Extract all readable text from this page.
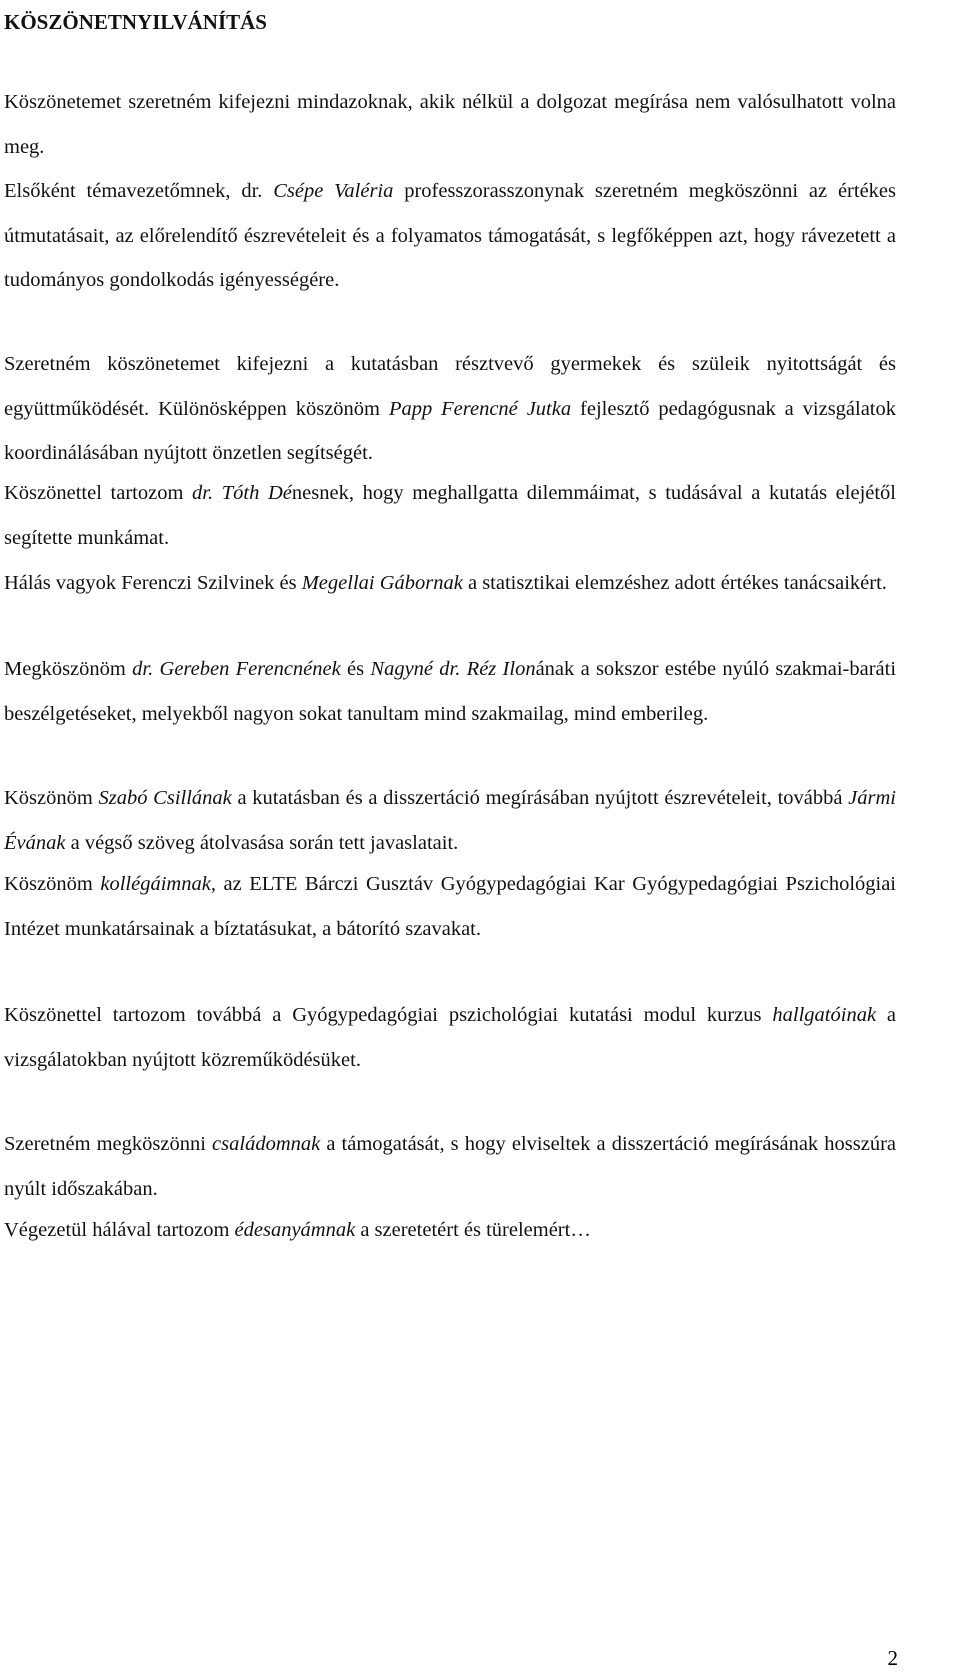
KÖSZÖNETNYILVÁNÍTÁS
Köszönetemet szeretném kifejezni mindazoknak, akik nélkül a dolgozat megírása nem valósulhatott volna meg.
Elsőként témavezetőmnek, dr. Csépe Valéria professzorasszonynak szeretném megköszönni az értékes útmutatásait, az előrelendítő észrevételeit és a folyamatos támogatását, s legfőképpen azt, hogy rávezetett a tudományos gondolkodás igényességére.
Szeretném köszönetemet kifejezni a kutatásban résztvevő gyermekek és szüleik nyitottságát és együttműködését. Különösképpen köszönöm Papp Ferencné Jutka fejlesztő pedagógusnak a vizsgálatok koordinálásában nyújtott önzetlen segítségét.
Köszönettel tartozom dr. Tóth Dénesnek, hogy meghallgatta dilemmáimat, s tudásával a kutatás elejétől segítette munkámat.
Hálás vagyok Ferenczi Szilvinek és Megellai Gábornak a statisztikai elemzéshez adott értékes tanácsaikért.
Megköszönöm dr. Gereben Ferencnének és Nagyné dr. Réz Ilonának a sokszor estébe nyúló szakmai-baráti beszélgetéseket, melyekből nagyon sokat tanultam mind szakmailag, mind emberileg.
Köszönöm Szabó Csillának a kutatásban és a disszertáció megírásában nyújtott észrevételeit, továbbá Jármi Évának a végső szöveg átolvasása során tett javaslatait.
Köszönöm kollégáimnak, az ELTE Bárczi Gusztáv Gyógypedagógiai Kar Gyógypedagógiai Pszichológiai Intézet munkatársainak a bíztatásukat, a bátorító szavakat.
Köszönettel tartozom továbbá a Gyógypedagógiai pszichológiai kutatási modul kurzus hallgatóinak a vizsgálatokban nyújtott közreműködésüket.
Szeretném megköszönni családomnak a támogatását, s hogy elviseltek a disszertáció megírásának hosszúra nyúlt időszakában.
Végezetül hálával tartozom édesanyámnak a szeretetért és türelemért…
2
